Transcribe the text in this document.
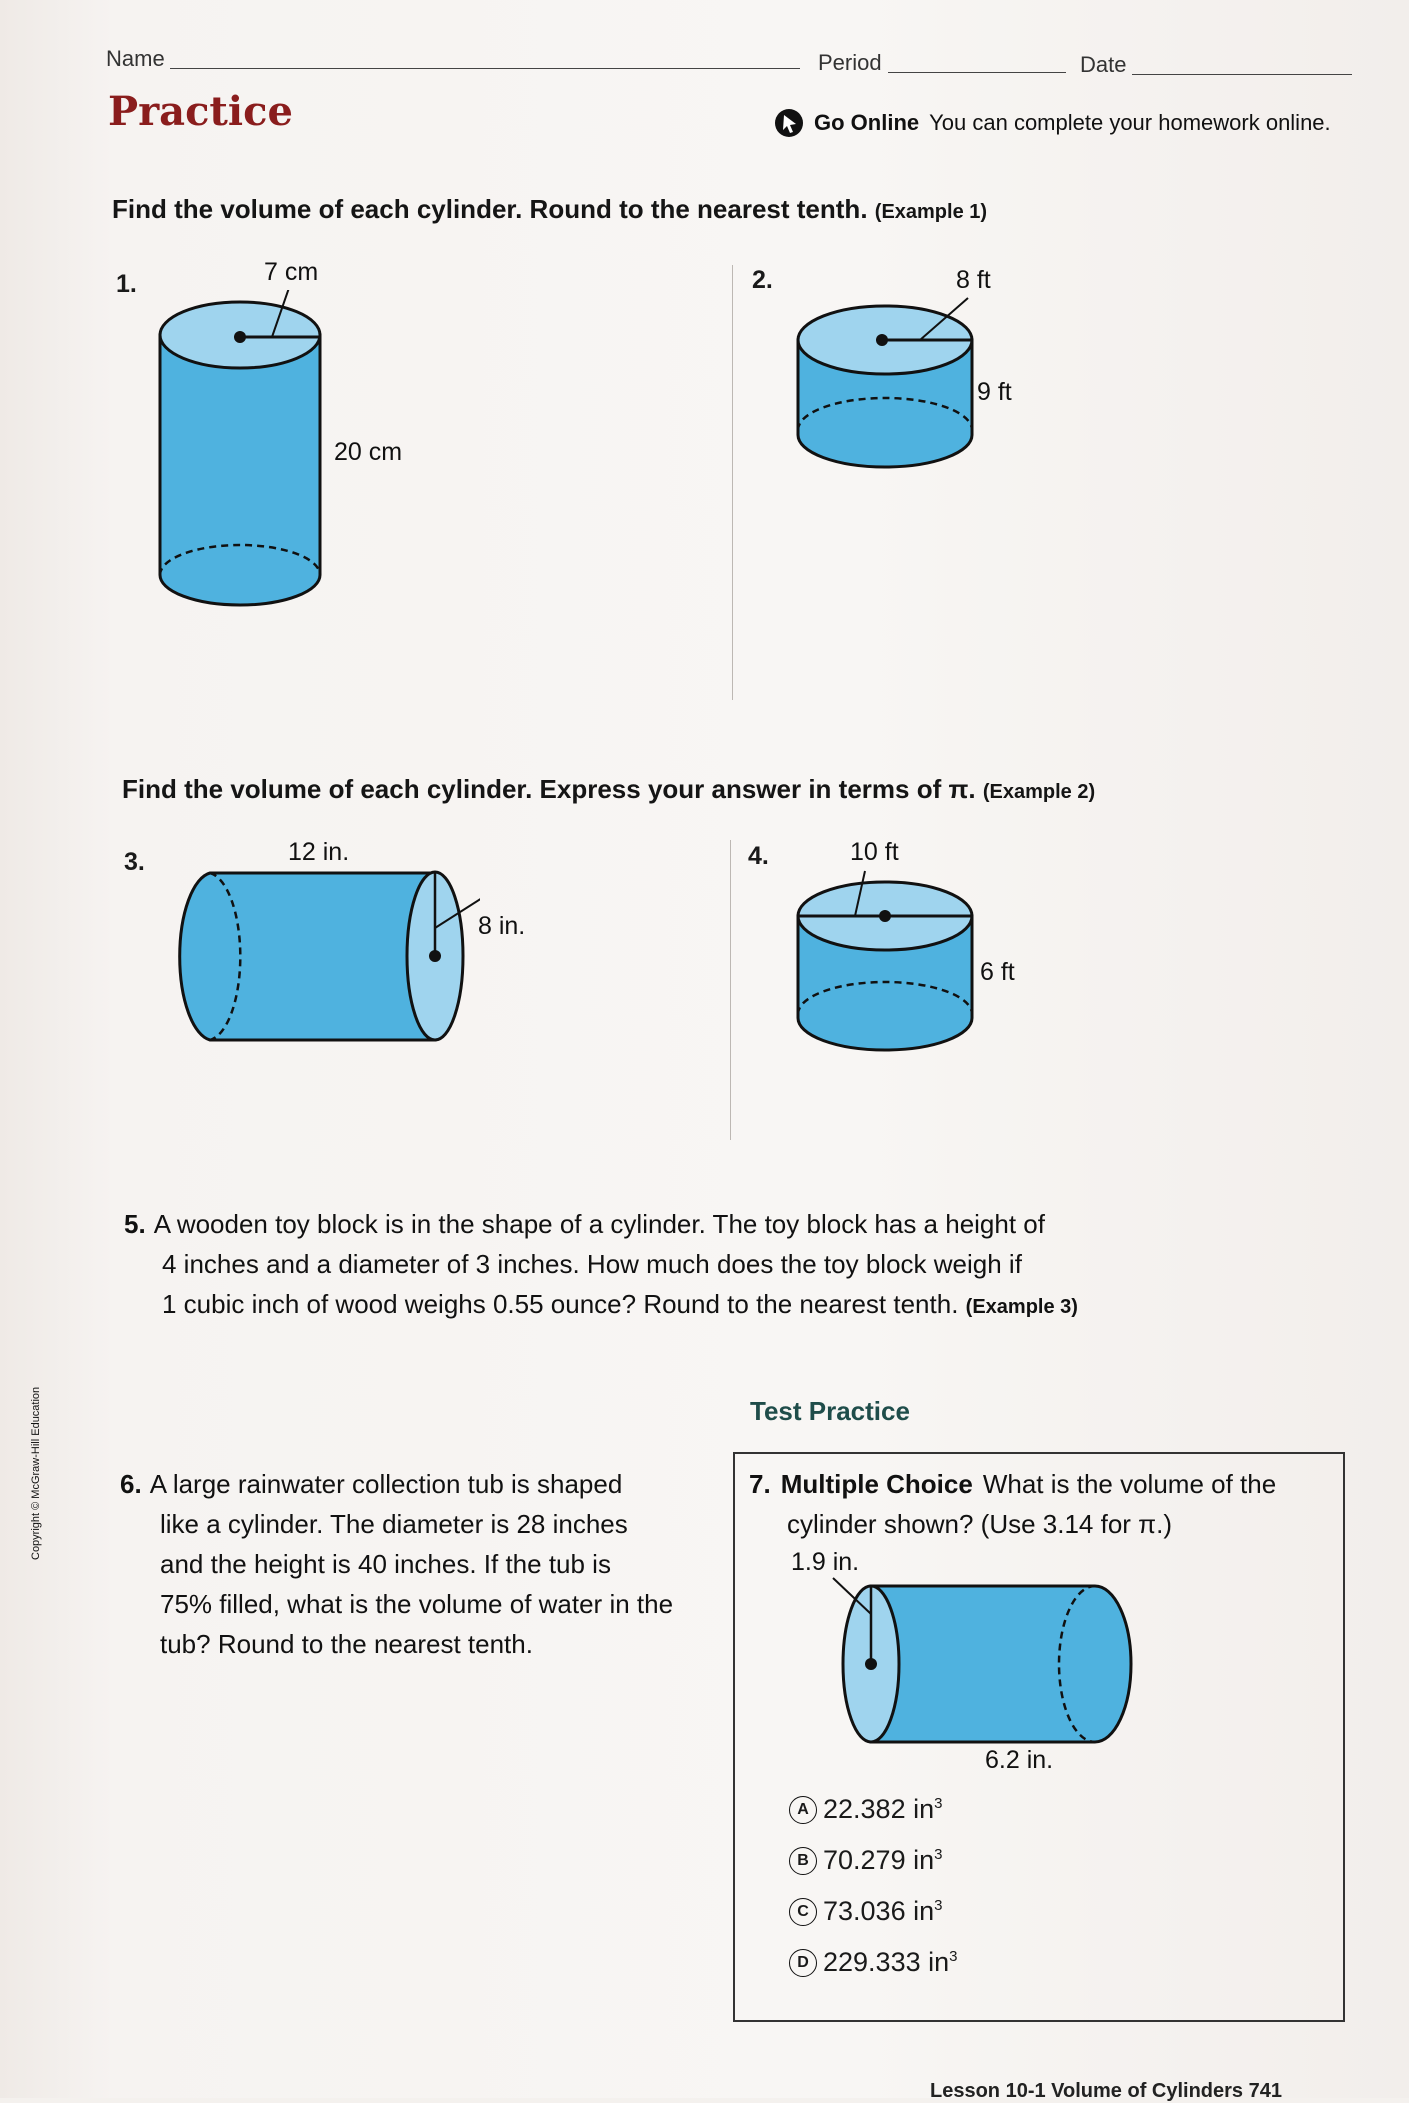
Name	Period	Date
Practice	Go Online You can complete your homework online.
Find the volume of each cylinder. Round to the nearest tenth. (Example 1)
1.	7 cm
20 cm
2.	8 ft
9 ft
Find the volume of each cylinder. Express your answer in terms of π. (Example 2)
3.	12 in.
8 in.
4.	10 ft
6 ft
5. A wooden toy block is in the shape of a cylinder. The toy block has a height of
4 inches and a diameter of 3 inches. How much does the toy block weigh if
1 cubic inch of wood weighs 0.55 ounce? Round to the nearest tenth. (Example 3)
Test Practice
6. A large rainwater collection tub is shaped
like a cylinder. The diameter is 28 inches
and the height is 40 inches. If the tub is
75% filled, what is the volume of water in the
tub? Round to the nearest tenth.
7. Multiple Choice What is the volume of the
cylinder shown? (Use 3.14 for π.)
1.9 in.
6.2 in.
A 22.382 $in^3$
B 70.279 $in^3$
C 73.036 $in^3$
D 229.333 $in^3$
Copyright © McGraw-Hill Education
Lesson 10-1 Volume of Cylinders 741
